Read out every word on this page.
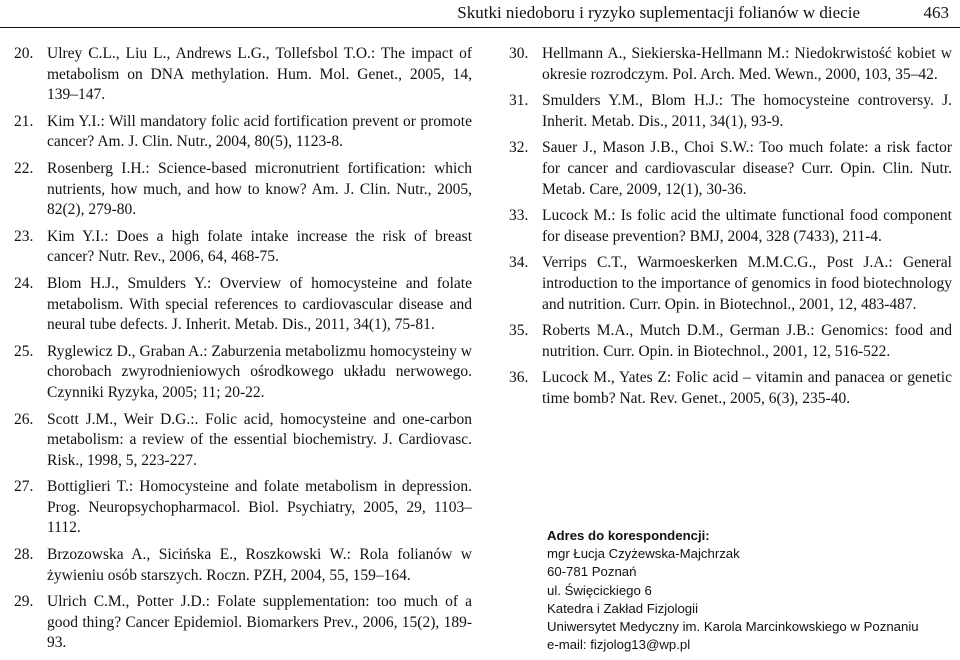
Skutki niedoboru i ryzyko suplementacji folianów w diecie	463
20. Ulrey C.L., Liu L., Andrews L.G., Tollefsbol T.O.: The impact of metabolism on DNA methylation. Hum. Mol. Genet., 2005, 14, 139–147.
21. Kim Y.I.: Will mandatory folic acid fortification prevent or promote cancer? Am. J. Clin. Nutr., 2004, 80(5), 1123-8.
22. Rosenberg I.H.: Science-based micronutrient fortification: which nutrients, how much, and how to know? Am. J. Clin. Nutr., 2005, 82(2), 279-80.
23. Kim Y.I.: Does a high folate intake increase the risk of breast cancer? Nutr. Rev., 2006, 64, 468-75.
24. Blom H.J., Smulders Y.: Overview of homocysteine and folate metabolism. With special references to cardiovascular disease and neural tube defects. J. Inherit. Metab. Dis., 2011, 34(1), 75-81.
25. Ryglewicz D., Graban A.: Zaburzenia metabolizmu homocysteiny w chorobach zwyrodnieniowych ośrodkowego układu nerwowego. Czynniki Ryzyka, 2005; 11; 20-22.
26. Scott J.M., Weir D.G.:. Folic acid, homocysteine and one-carbon metabolism: a review of the essential biochemistry. J. Cardiovasc. Risk., 1998, 5, 223-227.
27. Bottiglieri T.: Homocysteine and folate metabolism in depression. Prog. Neuropsychopharmacol. Biol. Psychiatry, 2005, 29, 1103–1112.
28. Brzozowska A., Sicińska E., Roszkowski W.: Rola folianów w żywieniu osób starszych. Roczn. PZH, 2004, 55, 159–164.
29. Ulrich C.M., Potter J.D.: Folate supplementation: too much of a good thing? Cancer Epidemiol. Biomarkers Prev., 2006, 15(2), 189-93.
30. Hellmann A., Siekierska-Hellmann M.: Niedokrwistość kobiet w okresie rozrodczym. Pol. Arch. Med. Wewn., 2000, 103, 35–42.
31. Smulders Y.M., Blom H.J.: The homocysteine controversy. J. Inherit. Metab. Dis., 2011, 34(1), 93-9.
32. Sauer J., Mason J.B., Choi S.W.: Too much folate: a risk factor for cancer and cardiovascular disease? Curr. Opin. Clin. Nutr. Metab. Care, 2009, 12(1), 30-36.
33. Lucock M.: Is folic acid the ultimate functional food component for disease prevention? BMJ, 2004, 328 (7433), 211-4.
34. Verrips C.T., Warmoeskerken M.M.C.G., Post J.A.: General introduction to the importance of genomics in food biotechnology and nutrition. Curr. Opin. in Biotechnol., 2001, 12, 483-487.
35. Roberts M.A., Mutch D.M., German J.B.: Genomics: food and nutrition. Curr. Opin. in Biotechnol., 2001, 12, 516-522.
36. Lucock M., Yates Z: Folic acid – vitamin and panacea or genetic time bomb? Nat. Rev. Genet., 2005, 6(3), 235-40.
Adres do korespondencji:
mgr Łucja Czyżewska-Majchrzak
60-781 Poznań
ul. Święcickiego 6
Katedra i Zakład Fizjologii
Uniwersytet Medyczny im. Karola Marcinkowskiego w Poznaniu
e-mail: fizjolog13@wp.pl
